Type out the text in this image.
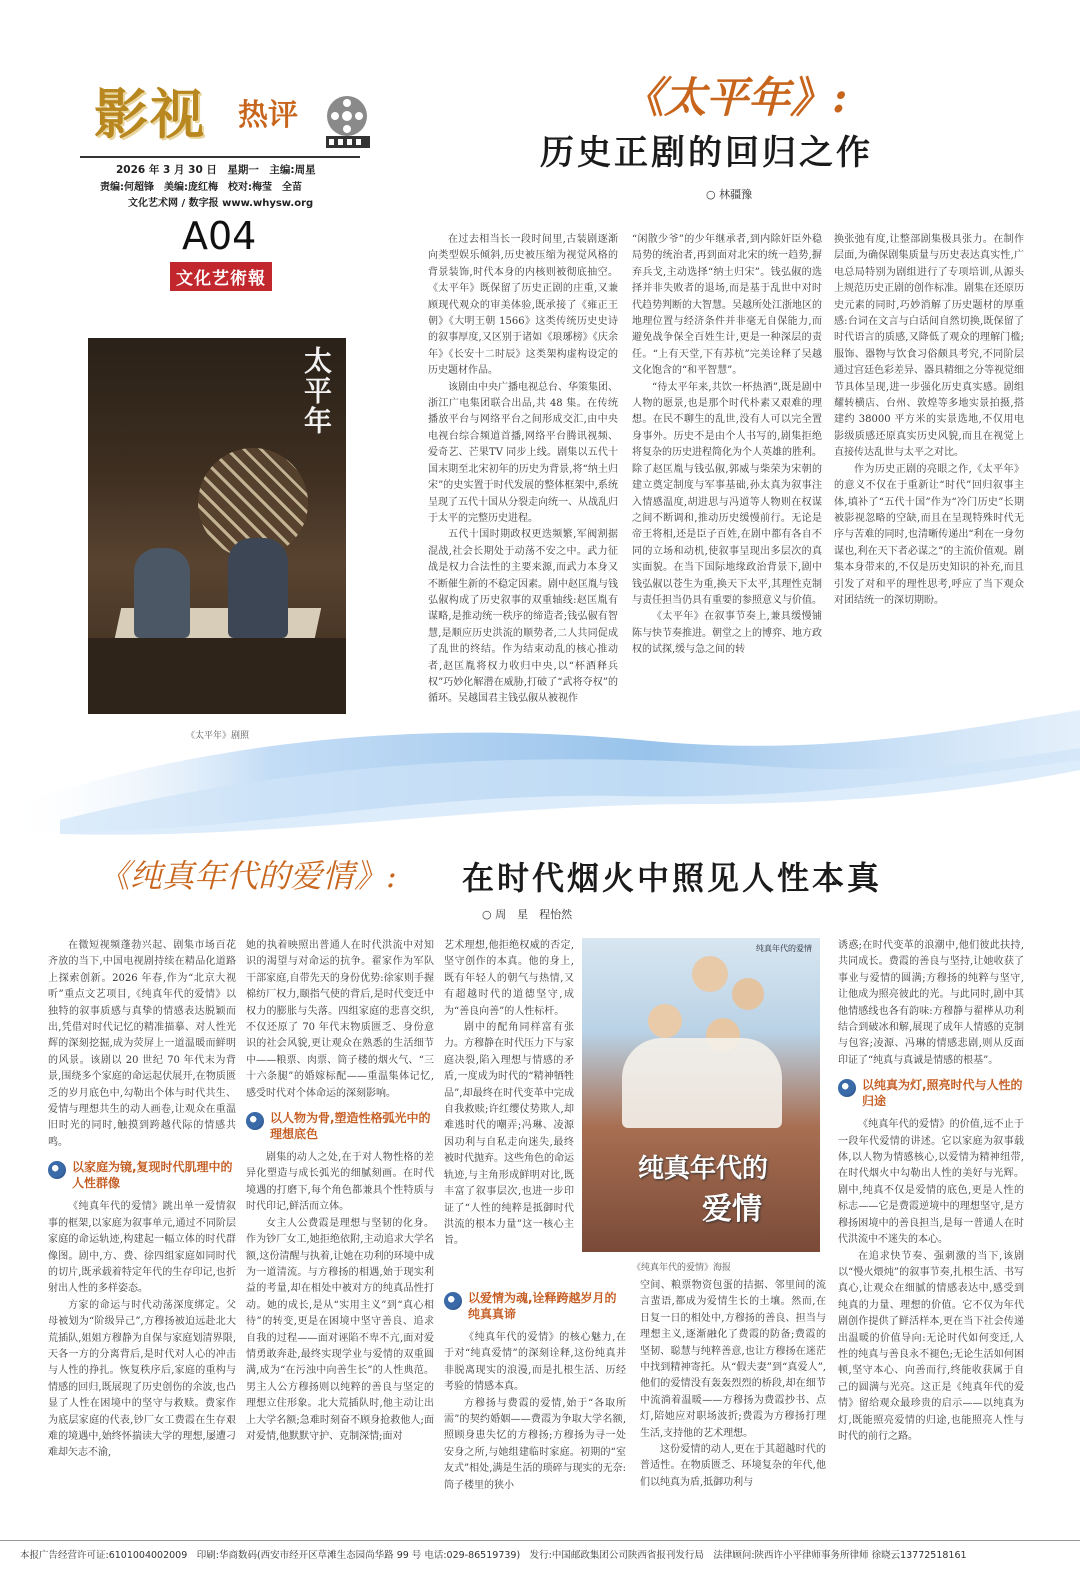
影视 热评
2026 年 3 月 30 日　星期一　主编:周星
责编:何超锋　美编:庞红梅　校对:梅莹　全苗
文化艺术网 / 数字报 www.whysw.org
A04
文化艺術報
《太平年》:
历史正剧的回归之作
○ 林疆豫
太平年
《太平年》剧照

在过去相当长一段时间里,古装剧逐渐向类型娱乐倾斜,历史被压缩为视觉风格的背景装饰,时代本身的内核则被彻底抽空。《太平年》既保留了历史正剧的庄重,又兼顾现代观众的审美体验,既承接了《雍正王朝》《大明王朝 1566》这类传统历史史诗的叙事厚度,又区别于诸如《琅琊榜》《庆余年》《长安十二时辰》这类架构虚构设定的历史题材作品。

该剧由中央广播电视总台、华策集团、浙江广电集团联合出品,共 48 集。在传统播放平台与网络平台之间形成交汇,由中央电视台综合频道首播,网络平台腾讯视频、爱奇艺、芒果TV 同步上线。剧集以五代十国末期至北宋初年的历史为背景,将“纳土归宋”的史实置于时代发展的整体框架中,系统呈现了五代十国从分裂走向统一、从战乱归于太平的完整历史进程。

五代十国时期政权更迭频繁,军阀割据混战,社会长期处于动荡不安之中。武力征战是权力合法性的主要来源,而武力本身又不断催生新的不稳定因素。剧中赵匡胤与钱弘俶构成了历史叙事的双重轴线:赵匡胤有谋略,是推动统一秩序的缔造者;钱弘俶有智慧,是顺应历史洪流的顺势者,二人共同促成了乱世的终结。作为结束动乱的核心推动者,赵匡胤将权力收归中央,以“杯酒释兵权”巧妙化解潜在威胁,打破了“武将夺权”的循环。吴越国君主钱弘俶从被视作

“闲散少爷”的少年继承者,到内除奸臣外稳局势的统治者,再到面对北宋的统一趋势,摒弃兵戈,主动选择“纳土归宋”。钱弘俶的选择并非失败者的退场,而是基于乱世中对时代趋势判断的大智慧。吴越所处江浙地区的地理位置与经济条件并非毫无自保能力,而避免战争保全百姓生计,更是一种深层的责任。“上有天堂,下有苏杭”完美诠释了吴越文化饱含的“和平智慧”。

“待太平年来,共饮一杯热酒”,既是剧中人物的愿景,也是那个时代朴素又艰难的理想。在民不聊生的乱世,没有人可以完全置身事外。历史不是由个人书写的,剧集拒绝将复杂的历史进程简化为个人英雄的胜利。除了赵匡胤与钱弘俶,郭威与柴荣为宋朝的建立奠定制度与军事基础,孙太真为叙事注入情感温度,胡进思与冯道等人物则在权谋之间不断调和,推动历史缓慢前行。无论是帝王将相,还是臣子百姓,在剧中都有各自不同的立场和动机,使叙事呈现出多层次的真实面貌。在当下国际地缘政治背景下,剧中钱弘俶以苍生为重,换天下太平,其理性克制与责任担当仍具有重要的参照意义与价值。

《太平年》在叙事节奏上,兼具缓慢铺陈与快节奏推进。朝堂之上的博弈、地方政权的试探,缓与急之间的转

换张弛有度,让整部剧集极具张力。在制作层面,为确保剧集质量与历史表达真实性,广电总局特别为剧组进行了专项培训,从源头上规范历史正剧的创作标准。剧集在还原历史元素的同时,巧妙消解了历史题材的厚重感:台词在文言与白话间自然切换,既保留了时代语言的质感,又降低了观众的理解门槛;服饰、器物与饮食习俗颇具考究,不同阶层通过宫廷色彩差异、器具精细之分等视觉细节具体呈现,进一步强化历史真实感。剧组耀转横店、台州、敦煌等多地实景拍摄,搭建约 38000 平方米的实景选地,不仅用电影级质感还原真实历史风貌,而且在视觉上直接传达乱世与太平之对比。

作为历史正剧的亮眼之作,《太平年》的意义不仅在于重新让“时代”回归叙事主体,填补了“五代十国”作为“冷门历史”长期被影视忽略的空缺,而且在呈现特殊时代无序与苦难的同时,也清晰传递出“利在一身勿谋也,利在天下者必谋之”的主流价值观。剧集本身带来的,不仅是历史知识的补充,而且引发了对和平的理性思考,呼应了当下观众对团结统一的深切期盼。

《纯真年代的爱情》: 在时代烟火中照见人性本真
○ 周　星　程怡然
纯真年代的爱情
纯真年代的
爱情
《纯真年代的爱情》海报

在微短视频蓬勃兴起、剧集市场百花齐放的当下,中国电视剧持续在精品化道路上探索创新。2026 年春,作为“北京大视听”重点文艺项目,《纯真年代的爱情》以独特的叙事质感与真挚的情感表达脱颖而出,凭借对时代记忆的精准描摹、对人性光辉的深刻挖掘,成为荧屏上一道温暖而鲜明的风景。该剧以 20 世纪 70 年代末为背景,围绕多个家庭的命运起伏展开,在物质匮乏的岁月底色中,勾勒出个体与时代共生、爱情与理想共生的动人画卷,让观众在重温旧时光的同时,触摸到跨越代际的情感共鸣。

以家庭为镜,复现时代肌理中的人性群像

《纯真年代的爱情》跳出单一爱情叙事的框架,以家庭为叙事单元,通过不同阶层家庭的命运轨迹,构建起一幅立体的时代群像图。剧中,方、费、徐四组家庭如同时代的切片,既承载着特定年代的生存印记,也折射出人性的多样姿态。

方家的命运与时代动荡深度绑定。父母被划为“阶级异己”,方穆扬被迫远赴北大荒插队,姐姐方穆静为自保与家庭划清界限,天各一方的分离背后,是时代对人心的冲击与人性的挣扎。恢复秩序后,家庭的重构与情感的回归,既展现了历史创伤的余波,也凸显了人性在困境中的坚守与救赎。费家作为底层家庭的代表,钞厂女工费霞在生存艰难的境遇中,始终怀揣读大学的理想,屡遭刁难却矢志不渝,

她的执着映照出普通人在时代洪流中对知识的渴望与对命运的抗争。翟家作为军队干部家庭,自带先天的身份优势:徐家则手握棉纺厂权力,颐指气使的背后,是时代变迁中权力的膨胀与失落。四组家庭的悲喜交织,不仅还原了 70 年代末物质匮乏、身份意识的社会风貌,更让观众在熟悉的生活细节中——粮票、肉票、筒子楼的烟火气、“三十六条腿”的婚嫁标配——重温集体记忆,感受时代对个体命运的深刻影响。

以人物为骨,塑造性格弧光中的理想底色

剧集的动人之处,在于对人物性格的差异化塑造与成长弧光的细腻刻画。在时代境遇的打磨下,每个角色都兼具个性特质与时代印记,鲜活而立体。

女主人公费霞是理想与坚韧的化身。作为钞厂女工,她拒绝依附,主动追求大学名额,这份清醒与执着,让她在功利的环境中成为一道清流。与方穆扬的相遇,始于现实利益的考量,却在相处中被对方的纯真品性打动。她的成长,是从“实用主义”到“真心相待”的转变,更是在困境中坚守善良、追求自我的过程——面对诬陷不卑不亢,面对爱情勇敢奔赴,最终实现学业与爱情的双重圆满,成为“在污浊中向善生长”的人性典范。男主人公方穆扬则以纯粹的善良与坚定的理想立住形象。北大荒插队时,他主动让出上大学名额;急难时刻奋不顾身抢救他人;面对爱情,他默默守护、克制深情;面对

艺术理想,他拒绝权威的否定,坚守创作的本真。他的身上,既有年轻人的朝气与热情,又有超越时代的道德坚守,成为“善良向善”的人性标杆。

剧中的配角同样富有张力。方穆静在时代压力下与家庭决裂,陷入理想与情感的矛盾,一度成为时代的“精神牺牲品”,却最终在时代变革中完成自我救赎;许红缨仗势欺人,却难逃时代的嘲弄;冯琳、凌源因功利与自私走向迷失,最终被时代抛弃。这些角色的命运轨迹,与主角形成鲜明对比,既丰富了叙事层次,也进一步印证了“人性的纯粹是抵御时代洪流的根本力量”这一核心主旨。

以爱情为魂,诠释跨越岁月的纯真真谛

《纯真年代的爱情》的核心魅力,在于对“纯真爱情”的深刻诠释,这份纯真并非脱离现实的浪漫,而是扎根生活、历经考验的情感本真。

方穆扬与费霞的爱情,始于“各取所需”的契约婚姻——费霞为争取大学名额,照顾身患失忆的方穆扬;方穆扬为寻一处安身之所,与她组建临时家庭。初期的“室友式”相处,满是生活的琐碎与现实的无奈:筒子楼里的狭小

空间、粮票物资包蛋的拮据、邻里间的流言蜚语,都成为爱情生长的土壤。然而,在日复一日的相处中,方穆扬的善良、担当与理想主义,逐渐融化了费霞的防备;费霞的坚韧、聪慧与纯粹善意,也让方穆扬在迷茫中找到精神寄托。从“假夫妻”到“真爱人”,他们的爱情没有轰轰烈烈的桥段,却在细节中流淌着温暖——方穆扬为费霞抄书、点灯,陪她应对职场波折;费霞为方穆扬打理生活,支持他的艺术理想。

这份爱情的动人,更在于其超越时代的普适性。在物质匮乏、环境复杂的年代,他们以纯真为盾,抵御功利与

诱惑;在时代变革的浪潮中,他们彼此扶持,共同成长。费霞的善良与坚持,让她收获了事业与爱情的圆满;方穆扬的纯粹与坚守,让他成为照亮彼此的光。与此同时,剧中其他情感线也各有韵味:方穆静与翟桦从功利结合到破冰和解,展现了成年人情感的克制与包容;凌源、冯琳的情感悲剧,则从反面印证了“纯真与真诚是情感的根基”。

以纯真为灯,照亮时代与人性的归途

《纯真年代的爱情》的价值,远不止于一段年代爱情的讲述。它以家庭为叙事载体,以人物为情感核心,以爱情为精神纽带,在时代烟火中勾勒出人性的美好与光辉。剧中,纯真不仅是爱情的底色,更是人性的标志——它是费霞逆境中的理想坚守,是方穆扬困境中的善良担当,是每一普通人在时代洪流中不迷失的本心。

在追求快节奏、强刺激的当下,该剧以“慢火煨炖”的叙事节奏,扎根生活、书写真心,让观众在细腻的情感表达中,感受到纯真的力量、理想的价值。它不仅为年代剧创作提供了鲜活样本,更在当下社会传递出温暖的价值导向:无论时代如何变迁,人性的纯真与善良永不褪色;无论生活如何困顿,坚守本心、向善而行,终能收获属于自己的圆满与光亮。这正是《纯真年代的爱情》留给观众最珍贵的启示——以纯真为灯,既能照亮爱情的归途,也能照亮人性与时代的前行之路。

本报广告经营许可证:6101004002009　印刷:华商数码(西安市经开区草滩生态园尚华路 99 号 电话:029-86519739)　发行:中国邮政集团公司陕西省报刊发行局　法律顾问:陕西许小平律师事务所律师 徐晓云13772518161
